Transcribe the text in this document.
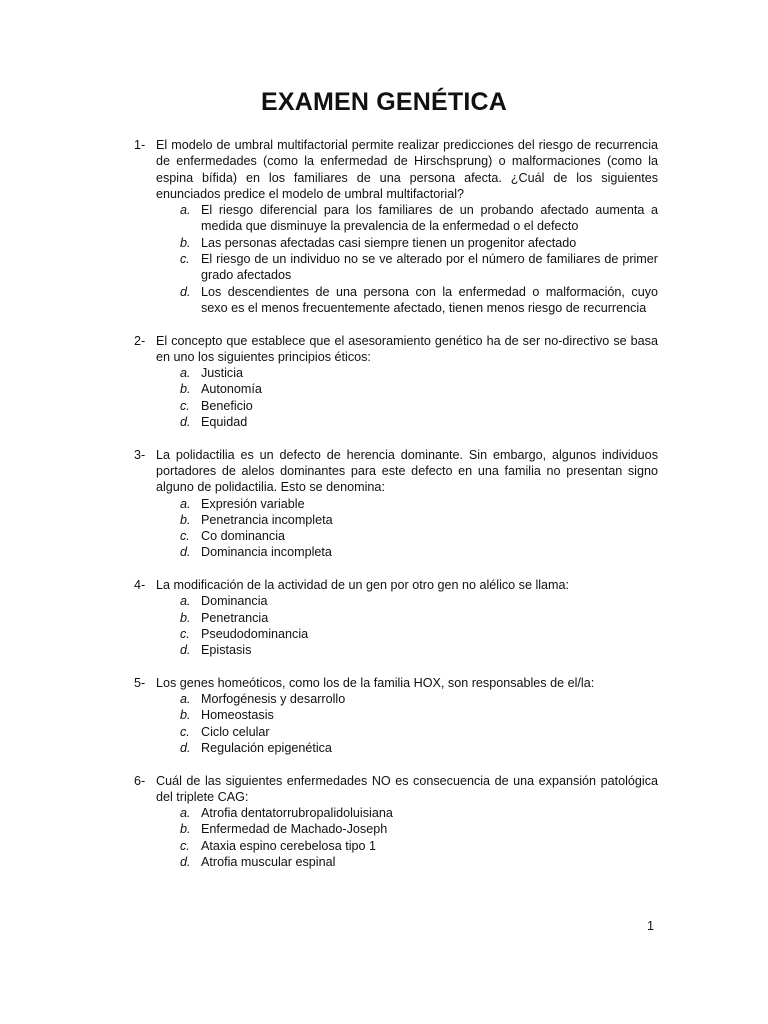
EXAMEN GENÉTICA
1- El modelo de umbral multifactorial permite realizar predicciones del riesgo de recurrencia de enfermedades (como la enfermedad de Hirschsprung) o malformaciones (como la espina bífida) en los familiares de una persona afecta. ¿Cuál de los siguientes enunciados predice el modelo de umbral multifactorial?
a. El riesgo diferencial para los familiares de un probando afectado aumenta a medida que disminuye la prevalencia de la enfermedad o el defecto
b. Las personas afectadas casi siempre tienen un progenitor afectado
c. El riesgo de un individuo no se ve alterado por el número de familiares de primer grado afectados
d. Los descendientes de una persona con la enfermedad o malformación, cuyo sexo es el menos frecuentemente afectado, tienen menos riesgo de recurrencia
2- El concepto que establece que el asesoramiento genético ha de ser no-directivo se basa en uno los siguientes principios éticos:
a. Justicia
b. Autonomía
c. Beneficio
d. Equidad
3- La polidactilia es un defecto de herencia dominante. Sin embargo, algunos individuos portadores de alelos dominantes para este defecto en una familia no presentan signo alguno de polidactilia. Esto se denomina:
a. Expresión variable
b. Penetrancia incompleta
c. Co dominancia
d. Dominancia incompleta
4- La modificación de la actividad de un gen por otro gen no alélico se llama:
a. Dominancia
b. Penetrancia
c. Pseudodominancia
d. Epistasis
5- Los genes homeóticos, como los de la familia HOX, son responsables de el/la:
a. Morfogénesis y desarrollo
b. Homeostasis
c. Ciclo celular
d. Regulación epigenética
6- Cuál de las siguientes enfermedades NO es consecuencia de una expansión patológica del triplete CAG:
a. Atrofia dentatorrubropalidoluisiana
b. Enfermedad de Machado-Joseph
c. Ataxia espino cerebelosa tipo 1
d. Atrofia muscular espinal
1
